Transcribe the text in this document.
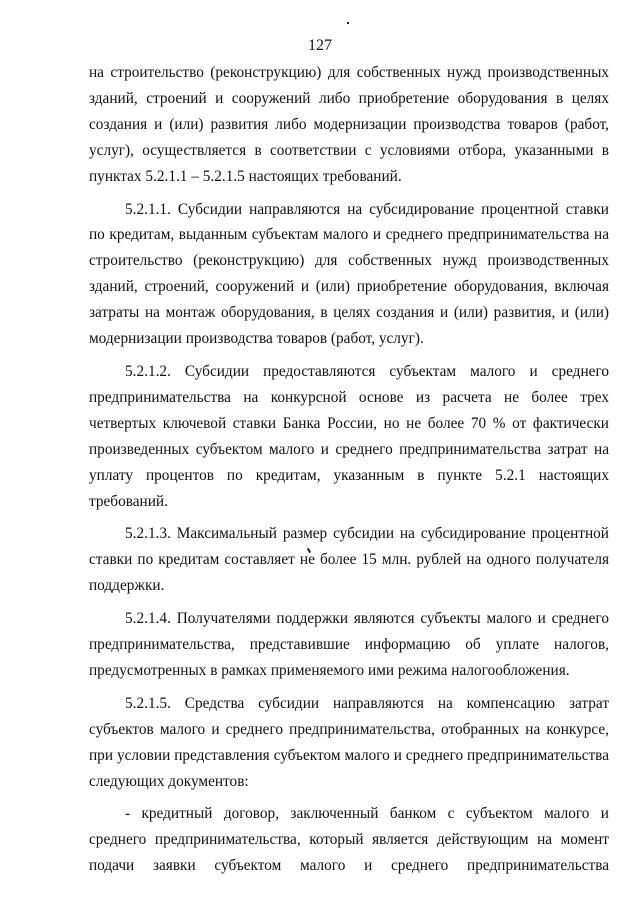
127

на строительство (реконструкцию) для собственных нужд производственных зданий, строений и сооружений либо приобретение оборудования в целях создания и (или) развития либо модернизации производства товаров (работ, услуг), осуществляется в соответствии с условиями отбора, указанными в пунктах 5.2.1.1 – 5.2.1.5 настоящих требований.

5.2.1.1. Субсидии направляются на субсидирование процентной ставки по кредитам, выданным субъектам малого и среднего предпринимательства на строительство (реконструкцию) для собственных нужд производственных зданий, строений, сооружений и (или) приобретение оборудования, включая затраты на монтаж оборудования, в целях создания и (или) развития, и (или) модернизации производства товаров (работ, услуг).

5.2.1.2. Субсидии предоставляются субъектам малого и среднего предпринимательства на конкурсной основе из расчета не более трех четвертых ключевой ставки Банка России, но не более 70 % от фактически произведенных субъектом малого и среднего предпринимательства затрат на уплату процентов по кредитам, указанным в пункте 5.2.1 настоящих требований.

5.2.1.3. Максимальный размер субсидии на субсидирование процентной ставки по кредитам составляет не более 15 млн. рублей на одного получателя поддержки.

5.2.1.4. Получателями поддержки являются субъекты малого и среднего предпринимательства, представившие информацию об уплате налогов, предусмотренных в рамках применяемого ими режима налогообложения.

5.2.1.5. Средства субсидии направляются на компенсацию затрат субъектов малого и среднего предпринимательства, отобранных на конкурсе, при условии представления субъектом малого и среднего предпринимательства следующих документов:

- кредитный договор, заключенный банком с субъектом малого и среднего предпринимательства, который является действующим на момент подачи заявки субъектом малого и среднего предпринимательства
